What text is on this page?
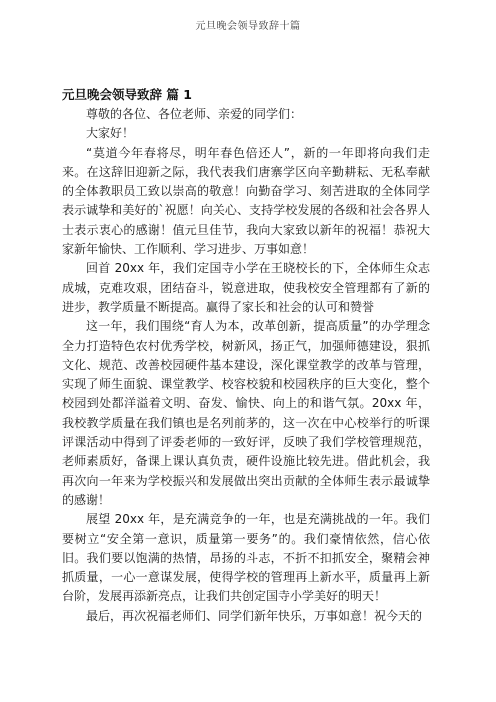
元旦晚会领导致辞十篇
元旦晚会领导致辞 篇 1

尊敬的各位、各位老师、亲爱的同学们：

大家好！

“莫道今年春将尽，明年春色倍还人”，新的一年即将向我们走来。在这辞旧迎新之际，我代表我们唐寨学区向辛勤耕耘、无私奉献的全体教职员工致以崇高的敬意！向勤奋学习、刻苦进取的全体同学表示诚挚和美好的`祝愿！向关心、支持学校发展的各级和社会各界人士表示衷心的感谢！值元旦佳节，我向大家致以新年的祝福！恭祝大家新年愉快、工作顺利、学习进步、万事如意！

回首 20xx 年，我们定国寺小学在王晓校长的下，全体师生众志成城，克难攻艰，团结奋斗，锐意进取，使我校安全管理都有了新的进步，教学质量不断提高。赢得了家长和社会的认可和赞誉

这一年，我们围绕“育人为本，改革创新，提高质量”的办学理念全力打造特色农村优秀学校，树新风，扬正气，加强师德建设，狠抓文化、规范、改善校园硬件基本建设，深化课堂教学的改革与管理，实现了师生面貌、课堂教学、校容校貌和校园秩序的巨大变化，整个校园到处都洋溢着文明、奋发、愉快、向上的和谐气氛。20xx 年，我校教学质量在我们镇也是名列前茅的，这一次在中心校举行的听课评课活动中得到了评委老师的一致好评，反映了我们学校管理规范，老师素质好，备课上课认真负责，硬件设施比较先进。借此机会，我再次向一年来为学校振兴和发展做出突出贡献的全体师生表示最诚挚的感谢！

展望 20xx 年，是充满竞争的一年，也是充满挑战的一年。我们要树立“安全第一意识，质量第一要务”的。我们豪情依然，信心依旧。我们要以饱满的热情，昂扬的斗志，不折不扣抓安全，聚精会神抓质量，一心一意谋发展，使得学校的管理再上新水平，质量再上新台阶，发展再添新亮点，让我们共创定国寺小学美好的明天！

最后，再次祝福老师们、同学们新年快乐，万事如意！祝今天的
